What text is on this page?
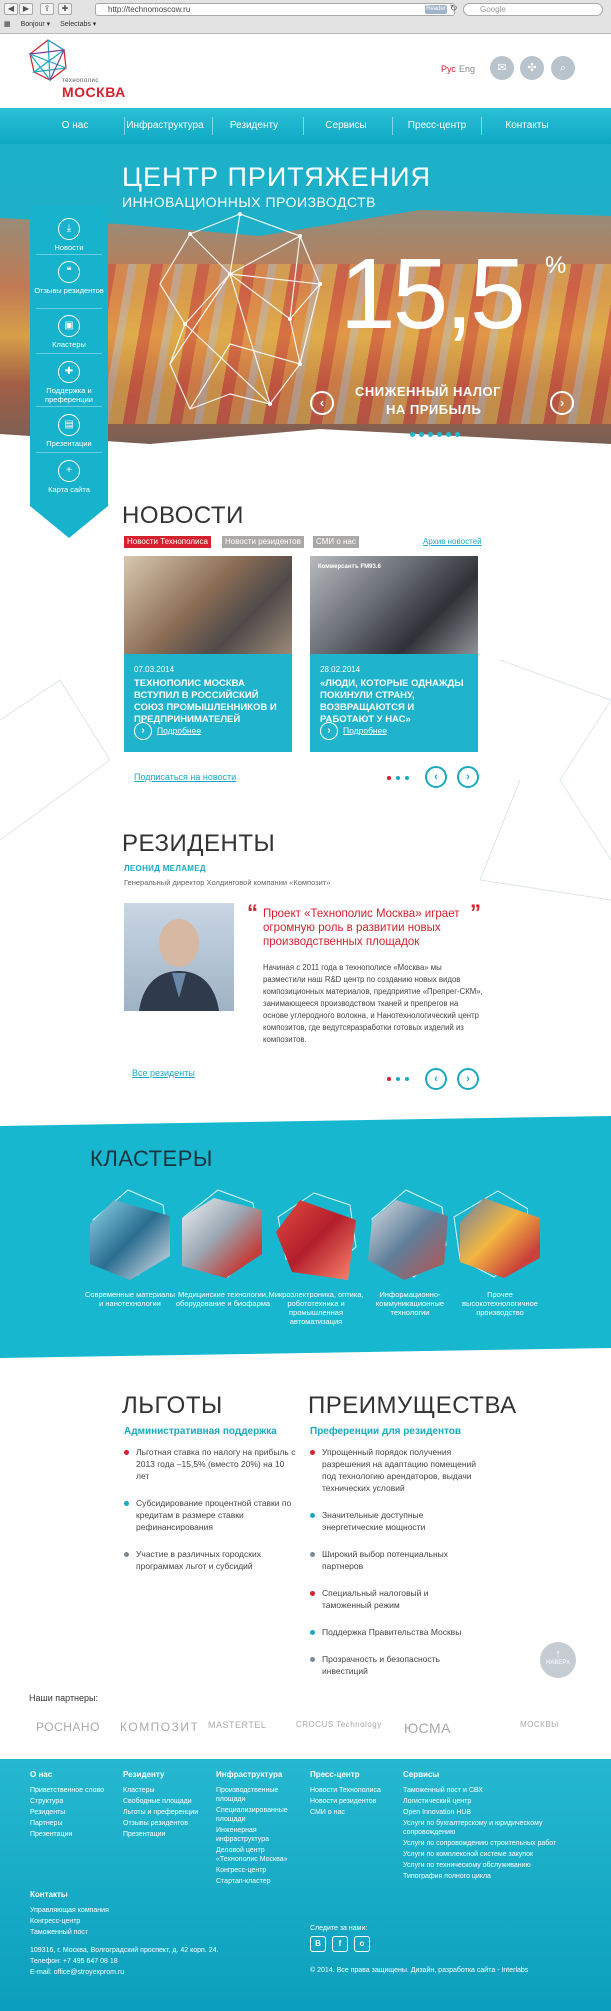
◀	▶	⇪	✚	http://technomoscow.ru	Reader ↻	Google
▦ Bonjour ▾ Selectabs ▾
технополис
МОСКВА
Рус Eng	✉	✣	⌕
О нас	Инфраструктура	Резиденту	Сервисы	Пресс-центр	Контакты
ЦЕНТР ПРИТЯЖЕНИЯ
ИННОВАЦИОННЫХ ПРОИЗВОДСТВ
15,5 %
СНИЖЕННЫЙ НАЛОГ
НА ПРИБЫЛЬ
‹	›
⤓
Новости
❝
Отзывы резидентов
▣
Кластеры
✚
Поддержка и преференции
▤
Презентации
+
Карта сайта
НОВОСТИ
Новости Технополиса	Новости резидентов	СМИ о нас	Архив новостей
07.03.2014
ТЕХНОПОЛИС МОСКВА ВСТУПИЛ В РОССИЙСКИЙ СОЮЗ ПРОМЫШЛЕННИКОВ И ПРЕДПРИНИМАТЕЛЕЙ
› Подробнее
Коммерсантъ FM93.6
28.02.2014
«ЛЮДИ, КОТОРЫЕ ОДНАЖДЫ ПОКИНУЛИ СТРАНУ, ВОЗВРАЩАЮТСЯ И РАБОТАЮТ У НАС»
› Подробнее
Подписаться на новости	‹	›
РЕЗИДЕНТЫ
ЛЕОНИД МЕЛАМЕД
Генеральный директор Холдинговой компании «Композит»
“	”
Проект «Технополис Москва» играет огромную роль в развитии новых производственных площадок
Начиная с 2011 года в технополисе «Москва» мы разместили наш R&D центр по созданию новых видов композиционных материалов, предприятие «Препрег-СКМ», занимающееся производством тканей и препрегов на основе углеродного волокна, и Нанотехнологический центр композитов, где ведутсяразработки готовых изделий из композитов.
Все резиденты	‹	›
КЛАСТЕРЫ
Современные материалы и нанотехнологии
Медицинские технологии, оборудование и биофарма
Микроэлектроника, оптика, робототехника и промышленная автоматизация
Информационно-коммуникационные технологии
Прочее высокотехнологичное производство
ЛЬГОТЫ
Административная поддержка
Льготная ставка по налогу на прибыль с 2013 года –15,5% (вместо 20%) на 10 лет
Субсидирование процентной ставки по кредитам в размере ставки рефинансирования
Участие в различных городских программах льгот и субсидий
ПРЕИМУЩЕСТВА
Преференции для резидентов
Упрощенный порядок получения разрешения на адаптацию помещений под технологию арендаторов, выдачи технических условий
Значительные доступные энергетические мощности
Широкий выбор потенциальных партнеров
Специальный налоговый и таможенный режим
Поддержка Правительства Москвы
Прозрачность и безопасность инвестиций
↑
НАВЕРХ
Наши партнеры:
РОСНАНО КОМПОЗИТ MASTERTEL	CROCUS Technology ЮСМА	МОСКВЫ
О нас
Приветственное слово
Структура
Резиденты
Партнеры
Презентации
Резиденту
Кластеры
Свободные площади
Льготы и преференции
Отзывы резидентов
Презентации
Инфраструктура
Производственные площади
Специализированные площади
Инженерная инфраструктура
Деловой центр «Технополис Москва»
Конгресс-центр
Стартап-кластер
Пресс-центр
Новости Технополиса
Новости резидентов
СМИ о нас
Сервисы
Таможенный пост и СВХ
Логистический центр
Open Innovation HUB
Услуги по бухгалтерскому и юридическому сопровождению
Услуги по сопровождению строительных работ
Услуги по комплексной системе закупок
Услуги по техническому обслуживанию
Типография полного цикла
Контакты
Управляющая компания
Конгресс-центр
Таможенный пост
109316, г. Москва, Волгоградский проспект, д. 42 корп. 24.
Телефон: +7 495 647 08 18
E-mail: office@stroyexprom.ru
Следите за нами:
В	f	о
© 2014. Все права защищены. Дизайн, разработка сайта - Interlabs
